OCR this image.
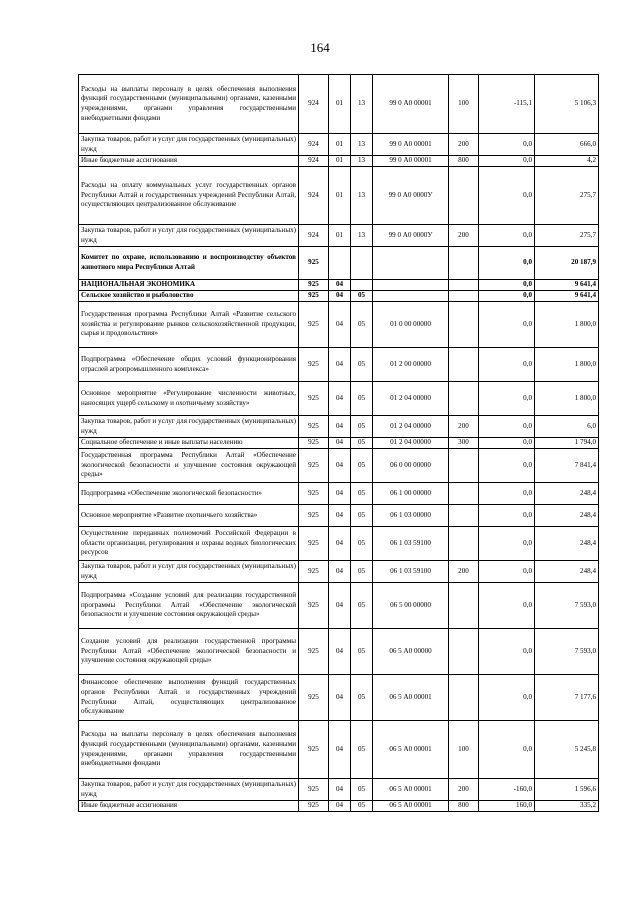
164
Расходы на выплаты персоналу в целях обеспечения выполнения функций государственными (муниципальными) органами, казенными учреждениями, органами управления государственными внебюджетными фондами	924	01	13	99 0 А0 00001	100	-115,1	5 106,3
Закупка товаров, работ и услуг для государственных (муниципальных) нужд	924	01	13	99 0 А0 00001	200	0,0	666,0
Иные бюджетные ассигнования	924	01	13	99 0 А0 00001	800	0,0	4,2
Расходы на оплату коммунальных услуг государственных органов Республики Алтай и государственных учреждений Республики Алтай, осуществляющих централизованное обслуживание	924	01	13	99 0 А0 0000У		0,0	275,7
Закупка товаров, работ и услуг для государственных (муниципальных) нужд	924	01	13	99 0 А0 0000У	200	0,0	275,7
Комитет по охране, использованию и воспроизводству объектов животного мира Республики Алтай	925					0,0	20 187,9
НАЦИОНАЛЬНАЯ ЭКОНОМИКА	925	04				0,0	9 641,4
Сельское хозяйство и рыболовство	925	04	05			0,0	9 641,4
Государственная программа Республики Алтай «Развитие сельского хозяйства и регулирование рынков сельскохозяйственной продукции, сырья и продовольствия»	925	04	05	01 0 00 00000		0,0	1 800,0
Подпрограмма «Обеспечение общих условий функционирования отраслей агропромышленного комплекса»	925	04	05	01 2 00 00000		0,0	1 800,0
Основное мероприятие «Регулирование численности животных, наносящих ущерб сельскому и охотничьему хозяйству»	925	04	05	01 2 04 00000		0,0	1 800,0
Закупка товаров, работ и услуг для государственных (муниципальных) нужд	925	04	05	01 2 04 00000	200	0,0	6,0
Социальное обеспечение и иные выплаты населению	925	04	05	01 2 04 00000	300	0,0	1 794,0
Государственная программа Республики Алтай «Обеспечение экологической безопасности и улучшение состояния окружающей среды»	925	04	05	06 0 00 00000		0,0	7 841,4
Подпрограмма «Обеспечение экологической безопасности»	925	04	05	06 1 00 00000		0,0	248,4
Основное мероприятие «Развитие охотничьего хозяйства»	925	04	05	06 1 03 00000		0,0	248,4
Осуществление переданных полномочий Российской Федерации в области организации, регулирования и охраны водных биологических ресурсов	925	04	05	06 1 03 59100		0,0	248,4
Закупка товаров, работ и услуг для государственных (муниципальных) нужд	925	04	05	06 1 03 59100	200	0,0	248,4
Подпрограмма «Создание условий для реализации государственной программы Республики Алтай «Обеспечение экологической безопасности и улучшение состояния окружающей среды»	925	04	05	06 5 00 00000		0,0	7 593,0
Создание условий для реализации государственной программы Республики Алтай «Обеспечение экологической безопасности и улучшение состояния окружающей среды»	925	04	05	06 5 А0 00000		0,0	7 593,0
Финансовое обеспечение выполнения функций государственных органов Республики Алтай и государственных учреждений Республики Алтай, осуществляющих централизованное обслуживание	925	04	05	06 5 А0 00001		0,0	7 177,6
Расходы на выплаты персоналу в целях обеспечения выполнения функций государственными (муниципальными) органами, казенными учреждениями, органами управления государственными внебюджетными фондами	925	04	05	06 5 А0 00001	100	0,0	5 245,8
Закупка товаров, работ и услуг для государственных (муниципальных) нужд	925	04	05	06 5 А0 00001	200	-160,0	1 596,6
Иные бюджетные ассигнования	925	04	05	06 5 А0 00001	800	160,0	335,2
